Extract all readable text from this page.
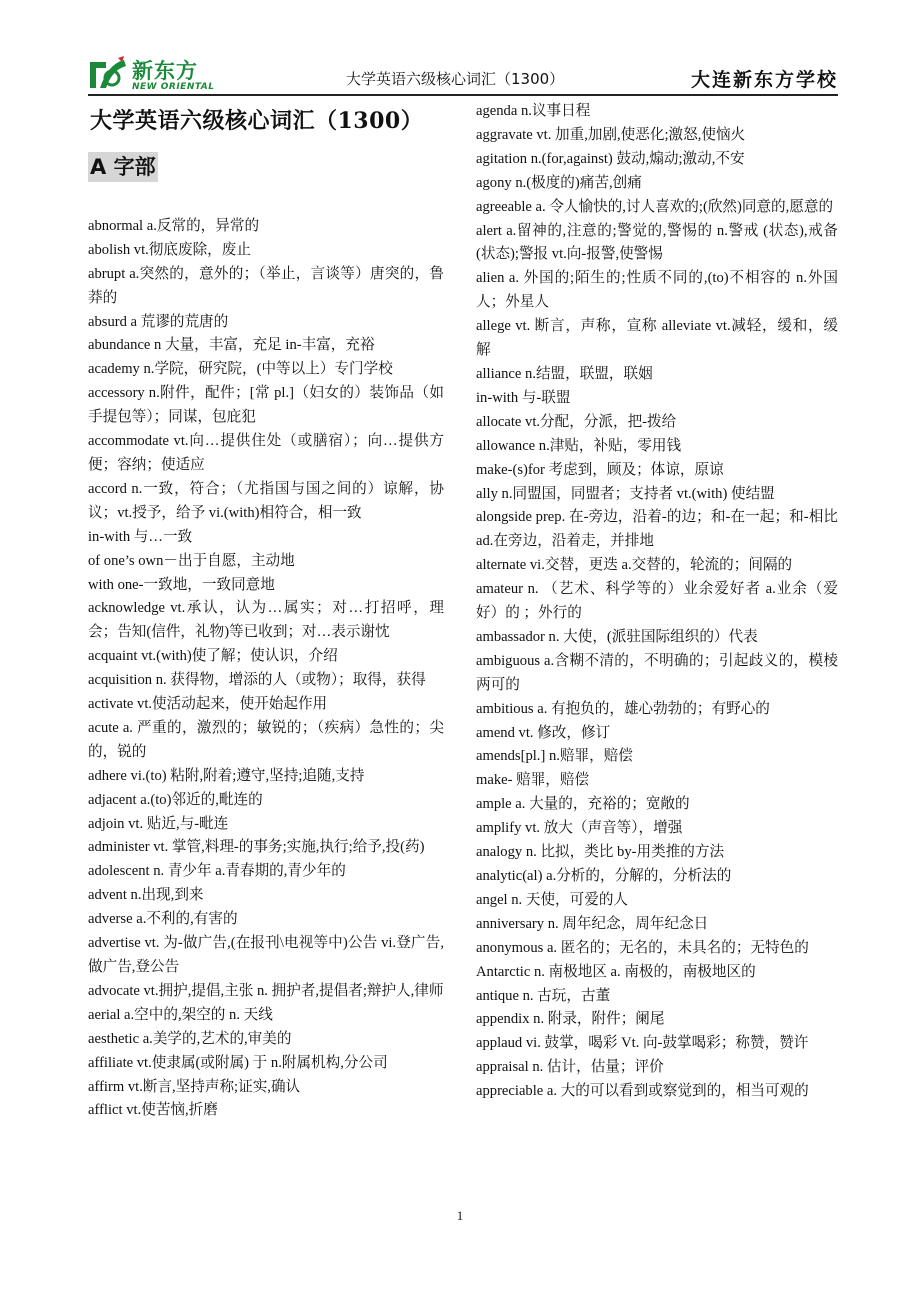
新东方
NEW ORIENTAL	大学英语六级核心词汇（1300）	大连新东方学校
大学英语六级核心词汇（1300）
A 字部
abnormal a.反常的，异常的
abolish vt.彻底废除，废止
abrupt a.突然的，意外的；（举止，言谈等）唐突的，鲁莽的
absurd a 荒谬的荒唐的
abundance n 大量，丰富，充足 in-丰富，充裕
academy n.学院，研究院，(中等以上）专门学校
accessory n.附件，配件；[常 pl.]（妇女的）装饰品（如手提包等）；同谋，包庇犯
accommodate vt.向…提供住处（或膳宿）；向…提供方便；容纳；使适应
accord n.一致，符合；（尤指国与国之间的）谅解，协议；vt.授予，给予 vi.(with)相符合，相一致
in-with 与…一致
of one’s own－出于自愿，主动地
with one-一致地，一致同意地
acknowledge vt.承认，认为…属实；对…打招呼，理会；告知(信件，礼物)等已收到；对…表示谢忱
acquaint vt.(with)使了解；使认识，介绍
acquisition n. 获得物，增添的人（或物）；取得，获得
activate vt.使活动起来，使开始起作用
acute a. 严重的，激烈的；敏锐的；（疾病）急性的；尖的，锐的
adhere vi.(to) 粘附,附着;遵守,坚持;追随,支持
adjacent a.(to)邻近的,毗连的
adjoin vt. 贴近,与-毗连
administer vt. 掌管,料理-的事务;实施,执行;给予,投(药)
adolescent n. 青少年 a.青春期的,青少年的
advent n.出现,到来
adverse a.不利的,有害的
advertise vt. 为-做广告,(在报刊\电视等中)公告 vi.登广告,做广告,登公告
advocate vt.拥护,提倡,主张 n. 拥护者,提倡者;辩护人,律师
aerial a.空中的,架空的 n. 天线
aesthetic a.美学的,艺术的,审美的
affiliate vt.使隶属(或附属) 于 n.附属机构,分公司
affirm vt.断言,坚持声称;证实,确认
afflict vt.使苦恼,折磨
agenda n.议事日程
aggravate vt. 加重,加剧,使恶化;激怒,使恼火
agitation n.(for,against) 鼓动,煽动;激动,不安
agony n.(极度的)痛苦,创痛
agreeable a. 令人愉快的,讨人喜欢的;(欣然)同意的,愿意的
alert a.留神的,注意的;警觉的,警惕的 n.警戒 (状态),戒备(状态);警报 vt.向-报警,使警惕
alien a. 外国的;陌生的;性质不同的,(to)不相容的 n.外国人；外星人
allege vt. 断言，声称，宣称 alleviate vt.减轻，缓和，缓解
alliance n.结盟，联盟，联姻
in-with 与-联盟
allocate vt.分配，分派，把-拨给
allowance n.津贴，补贴，零用钱
make-(s)for 考虑到，顾及；体谅，原谅
ally n.同盟国，同盟者；支持者 vt.(with) 使结盟
alongside prep. 在-旁边，沿着-的边；和-在一起；和-相比 ad.在旁边，沿着走，并排地
alternate vi.交替，更迭 a.交替的，轮流的；间隔的
amateur n. （艺术、科学等的）业余爱好者 a.业余（爱好）的 ；外行的
ambassador n. 大使，(派驻国际组织的）代表
ambiguous a.含糊不清的，不明确的；引起歧义的，模棱两可的
ambitious a. 有抱负的，雄心勃勃的；有野心的
amend vt. 修改，修订
amends[pl.] n.赔罪，赔偿
make- 赔罪，赔偿
ample a. 大量的，充裕的；宽敞的
amplify vt. 放大（声音等），增强
analogy n. 比拟，类比 by-用类推的方法
analytic(al) a.分析的，分解的，分析法的
angel n. 天使，可爱的人
anniversary n. 周年纪念，周年纪念日
anonymous a. 匿名的；无名的，未具名的；无特色的
Antarctic n. 南极地区 a. 南极的，南极地区的
antique n. 古玩，古董
appendix n. 附录，附件；阑尾
applaud vi. 鼓掌，喝彩 Vt. 向-鼓掌喝彩；称赞，赞许
appraisal n. 估计，估量；评价
appreciable a. 大的可以看到或察觉到的，相当可观的
1
